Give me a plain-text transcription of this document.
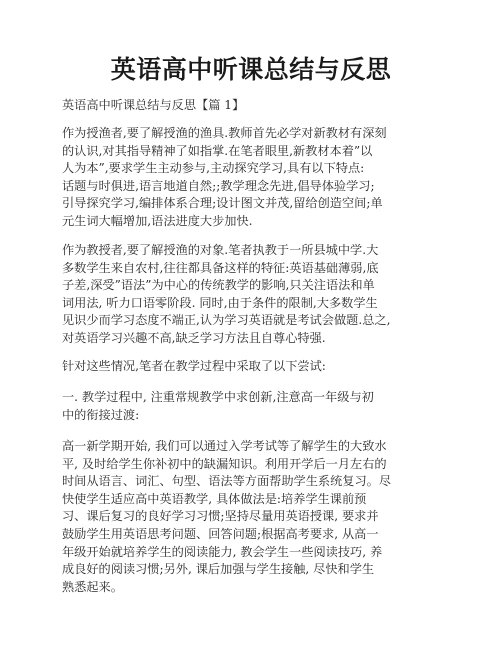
英语高中听课总结与反思
英语高中听课总结与反思【篇 1】
作为授渔者,要了解授渔的渔具.教师首先必学对新教材有深刻
的认识,对其指导精神了如指掌.在笔者眼里,新教材本着”以
人为本”,要求学生主动参与,主动探究学习,具有以下特点:
话题与时俱进,语言地道自然;;教学理念先进,倡导体验学习;
引导探究学习,编排体系合理;设计图文并茂,留给创造空间;单
元生词大幅增加,语法进度大步加快.
作为教授者,要了解授渔的对象.笔者执教于一所县城中学.大
多数学生来自农村,往往都具备这样的特征:英语基础薄弱,底
子差,深受”语法”为中心的传统教学的影响,只关注语法和单
词用法, 听力口语零阶段. 同时,由于条件的限制,大多数学生
见识少而学习态度不端正,认为学习英语就是考试会做题.总之,
对英语学习兴趣不高,缺乏学习方法且自尊心特强.
针对这些情况,笔者在教学过程中采取了以下尝试:
一. 教学过程中, 注重常规教学中求创新,注意高一年级与初
中的衔接过渡:
高一新学期开始, 我们可以通过入学考试等了解学生的大致水
平, 及时给学生你补初中的缺漏知识。利用开学后一月左右的
时间从语言、词汇、句型、语法等方面帮助学生系统复习。尽
快使学生适应高中英语教学, 具体做法是:培养学生课前预
习、课后复习的良好学习习惯;坚持尽量用英语授课, 要求并
鼓励学生用英语思考问题、回答问题;根据高考要求, 从高一
年级开始就培养学生的阅读能力, 教会学生一些阅读技巧, 养
成良好的阅读习惯;另外, 课后加强与学生接触, 尽快和学生
熟悉起来。
